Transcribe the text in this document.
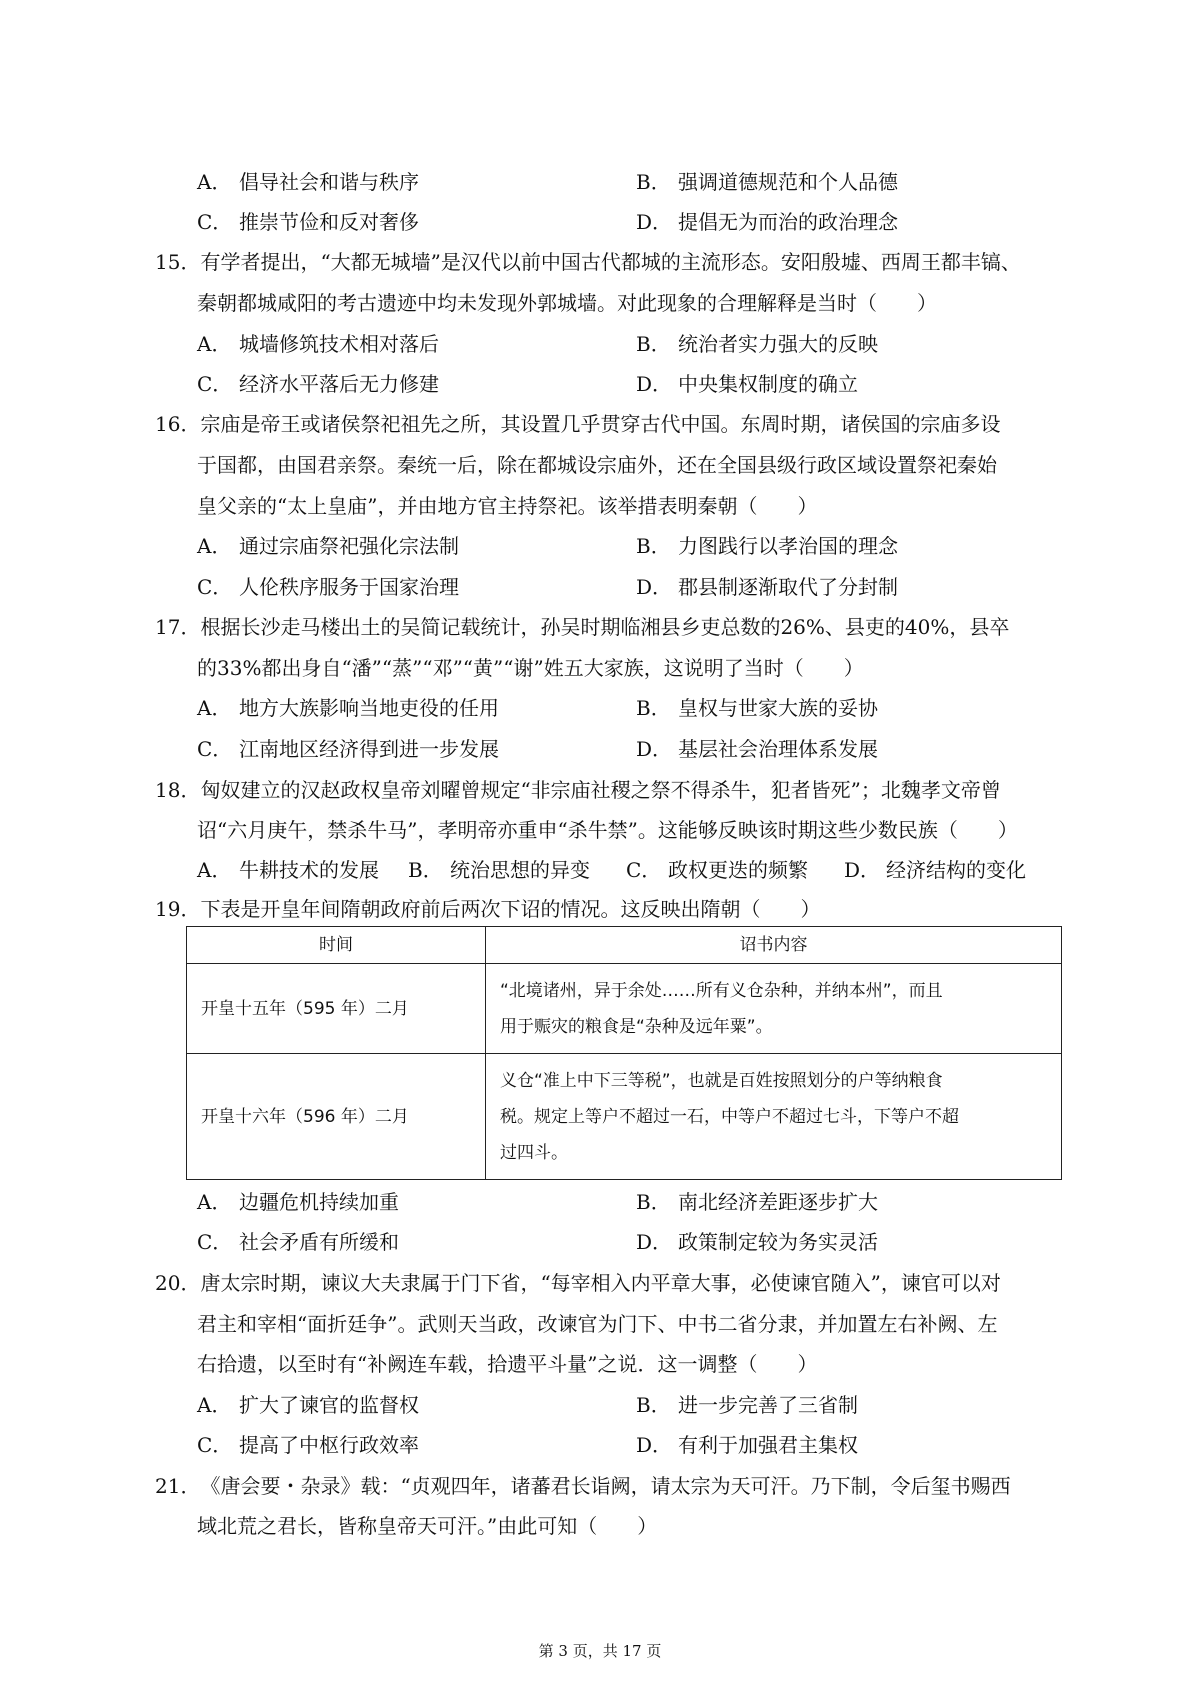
A． 倡导社会和谐与秩序	B． 强调道德规范和个人品德
C． 推崇节俭和反对奢侈	D． 提倡无为而治的政治理念
15．有学者提出，“大都无城墙”是汉代以前中国古代都城的主流形态。安阳殷墟、西周王都丰镐、
秦朝都城咸阳的考古遗迹中均未发现外郭城墙。对此现象的合理解释是当时（　　）
A． 城墙修筑技术相对落后	B． 统治者实力强大的反映
C． 经济水平落后无力修建	D． 中央集权制度的确立
16．宗庙是帝王或诸侯祭祀祖先之所，其设置几乎贯穿古代中国。东周时期，诸侯国的宗庙多设
于国都，由国君亲祭。秦统一后，除在都城设宗庙外，还在全国县级行政区域设置祭祀秦始
皇父亲的“太上皇庙”，并由地方官主持祭祀。该举措表明秦朝（　　）
A． 通过宗庙祭祀强化宗法制	B． 力图践行以孝治国的理念
C． 人伦秩序服务于国家治理	D． 郡县制逐渐取代了分封制
17．根据长沙走马楼出土的吴简记载统计，孙吴时期临湘县乡吏总数的26%、县吏的40%，县卒
的33%都出身自“潘”“蒸”“邓”“黄”“谢”姓五大家族，这说明了当时（　　）
A． 地方大族影响当地吏役的任用	B． 皇权与世家大族的妥协
C． 江南地区经济得到进一步发展	D． 基层社会治理体系发展
18．匈奴建立的汉赵政权皇帝刘曜曾规定“非宗庙社稷之祭不得杀牛，犯者皆死”；北魏孝文帝曾
诏“六月庚午，禁杀牛马”，孝明帝亦重申“杀牛禁”。这能够反映该时期这些少数民族（　　）
A． 牛耕技术的发展 B． 统治思想的异变 C． 政权更迭的频繁 D． 经济结构的变化
19．下表是开皇年间隋朝政府前后两次下诏的情况。这反映出隋朝（　　）
时间	诏书内容
开皇十五年（595 年）二月	“北境诸州，异于余处……所有义仓杂种，并纳本州”，而且
用于赈灾的粮食是“杂种及远年粟”。

开皇十六年（596 年）二月	义仓“准上中下三等税”，也就是百姓按照划分的户等纳粮食
税。规定上等户不超过一石，中等户不超过七斗，下等户不超
过四斗。
A． 边疆危机持续加重	B． 南北经济差距逐步扩大
C． 社会矛盾有所缓和	D． 政策制定较为务实灵活
20．唐太宗时期，谏议大夫隶属于门下省，“每宰相入内平章大事，必使谏官随入”，谏官可以对
君主和宰相“面折廷争”。武则天当政，改谏官为门下、中书二省分隶，并加置左右补阙、左
右拾遗，以至时有“补阙连车载，拾遗平斗量”之说．这一调整（　　）
A． 扩大了谏官的监督权	B． 进一步完善了三省制
C． 提高了中枢行政效率	D． 有利于加强君主集权
21．《唐会要・杂录》载：“贞观四年，诸蕃君长诣阙，请太宗为天可汗。乃下制，令后玺书赐西
域北荒之君长，皆称皇帝天可汗。”由此可知（　　）
第 3 页，共 17 页
